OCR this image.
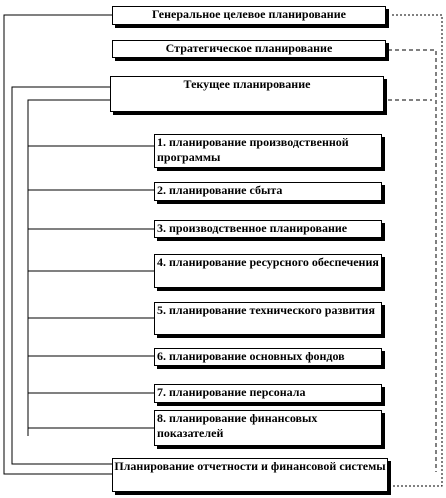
Генеральное целевое планирование
Стратегическое планирование
Текущее планирование
1. планирование производственной программы
2. планирование сбыта
3. производственное планирование
4. планирование ресурсного обеспечения
5. планирование технического развития
6. планирование основных фондов
7. планирование персонала
8. планирование финансовых показателей
Планирование отчетности и финансовой системы
